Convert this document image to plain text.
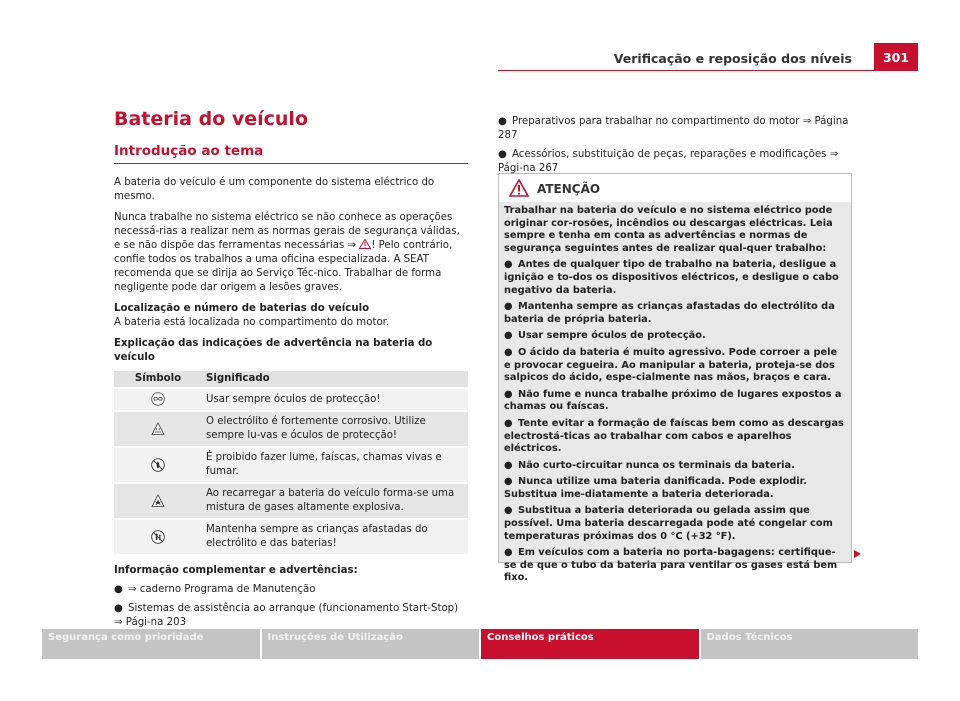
Verificação e reposição dos níveis	301
Bateria do veículo
Introdução ao tema

A bateria do veículo é um componente do sistema eléctrico do mesmo.

Nunca trabalhe no sistema eléctrico se não conhece as operações necessá-rias a realizar nem as normas gerais de segurança válidas, e se não dispõe das ferramentas necessárias ⇒ ! Pelo contrário, confie todos os trabalhos a uma oficina especializada. A SEAT recomenda que se dirija ao Serviço Téc-nico. Trabalhar de forma negligente pode dar origem a lesões graves.

Localização e número de baterias do veículo

A bateria está localizada no compartimento do motor.

Explicação das indicações de advertência na bateria do veículo

Símbolo	Significado
	Usar sempre óculos de protecção!
	O electrólito é fortemente corrosivo. Utilize sempre lu-vas e óculos de protecção!
	É proibido fazer lume, faíscas, chamas vivas e fumar.
	Ao recarregar a bateria do veículo forma-se uma mistura de gases altamente explosiva.
	Mantenha sempre as crianças afastadas do electrólito e das baterias!

Informação complementar e advertências:

● ⇒ caderno Programa de Manutenção

● Sistemas de assistência ao arranque (funcionamento Start-Stop) ⇒ Pági-na 203

● Preparativos para trabalhar no compartimento do motor ⇒ Página 287

● Acessórios, substituição de peças, reparações e modificações ⇒ Pági-na 267

ATENÇÃO

Trabalhar na bateria do veículo e no sistema eléctrico pode originar cor-rosões, incêndios ou descargas eléctricas. Leia sempre e tenha em conta as advertências e normas de segurança seguintes antes de realizar qual-quer trabalho:

● Antes de qualquer tipo de trabalho na bateria, desligue a ignição e to-dos os dispositivos eléctricos, e desligue o cabo negativo da bateria.

● Mantenha sempre as crianças afastadas do electrólito da bateria de própria bateria.

● Usar sempre óculos de protecção.

● O ácido da bateria é muito agressivo. Pode corroer a pele e provocar cegueira. Ao manipular a bateria, proteja-se dos salpicos do ácido, espe-cialmente nas mãos, braços e cara.

● Não fume e nunca trabalhe próximo de lugares expostos a chamas ou faíscas.

● Tente evitar a formação de faíscas bem como as descargas electrostá-ticas ao trabalhar com cabos e aparelhos eléctricos.

● Não curto-circuitar nunca os terminais da bateria.

● Nunca utilize uma bateria danificada. Pode explodir. Substitua ime-diatamente a bateria deteriorada.

● Substitua a bateria deteriorada ou gelada assim que possível. Uma bateria descarregada pode até congelar com temperaturas próximas dos 0 °C (+32 °F).

● Em veículos com a bateria no porta-bagagens: certifique-se de que o tubo da bateria para ventilar os gases está bem fixo.

Segurança como prioridade	Instruções de Utilização	Conselhos práticos	Dados Técnicos
